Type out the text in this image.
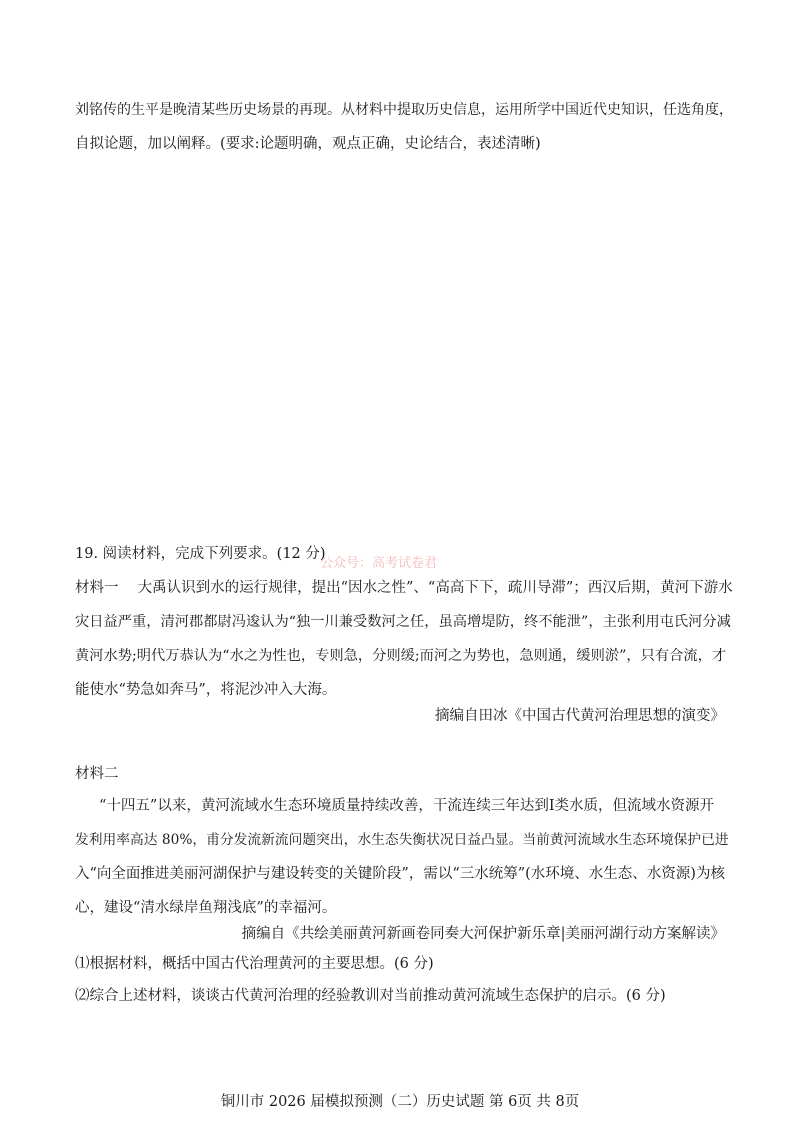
刘铭传的生平是晚清某些历史场景的再现。从材料中提取历史信息，运用所学中国近代史知识，任选角度，
自拟论题，加以阐释。(要求:论题明确，观点正确，史论结合，表述清晰)
19. 阅读材料，完成下列要求。(12 分)
公众号：高考试卷君
材料一　 大禹认识到水的运行规律，提出“因水之性”、“高高下下，疏川导滞”；西汉后期，黄河下游水
灾日益严重，清河郡都尉冯逡认为“独一川兼受数河之任，虽高增堤防，终不能泄”，主张利用屯氏河分减
黄河水势;明代万恭认为“水之为性也，专则急，分则缓;而河之为势也，急则通，缓则淤”，只有合流，才
能使水“势急如奔马”，将泥沙冲入大海。
摘编自田冰《中国古代黄河治理思想的演变》
材料二
“十四五”以来，黄河流域水生态环境质量持续改善，干流连续三年达到Ⅰ类水质，但流域水资源开
发利用率高达 80%，甫分发流新流问题突出，水生态失衡状况日益凸显。当前黄河流域水生态环境保护已进
入“向全面推进美丽河湖保护与建设转变的关键阶段”，需以“三水统筹”(水环境、水生态、水资源)为核
心，建设“清水绿岸鱼翔浅底”的幸福河。
摘编自《共绘美丽黄河新画卷同奏大河保护新乐章|美丽河湖行动方案解读》
⑴根据材料，概括中国古代治理黄河的主要思想。(6 分)
⑵综合上述材料，谈谈古代黄河治理的经验教训对当前推动黄河流域生态保护的启示。(6 分)
铜川市 2026 届模拟预测（二）历史试题 第 6页 共 8页
